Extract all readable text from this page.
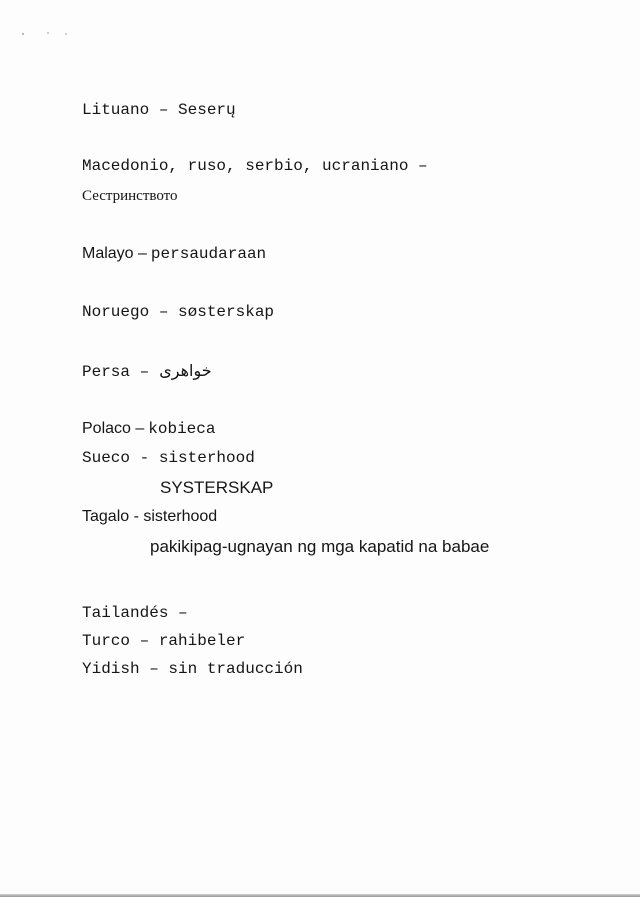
Lituano – Seserų
Macedonio, ruso, serbio, ucraniano –
Сестринството
Malayo – persaudaraan
Noruego – søsterskap
Persa – خواهری
Polaco – kobieca
Sueco - sisterhood
SYSTERSKAP
Tagalo - sisterhood
pakikipag-ugnayan ng mga kapatid na babae
Tailandés –
Turco – rahibeler
Yidish – sin traducción
